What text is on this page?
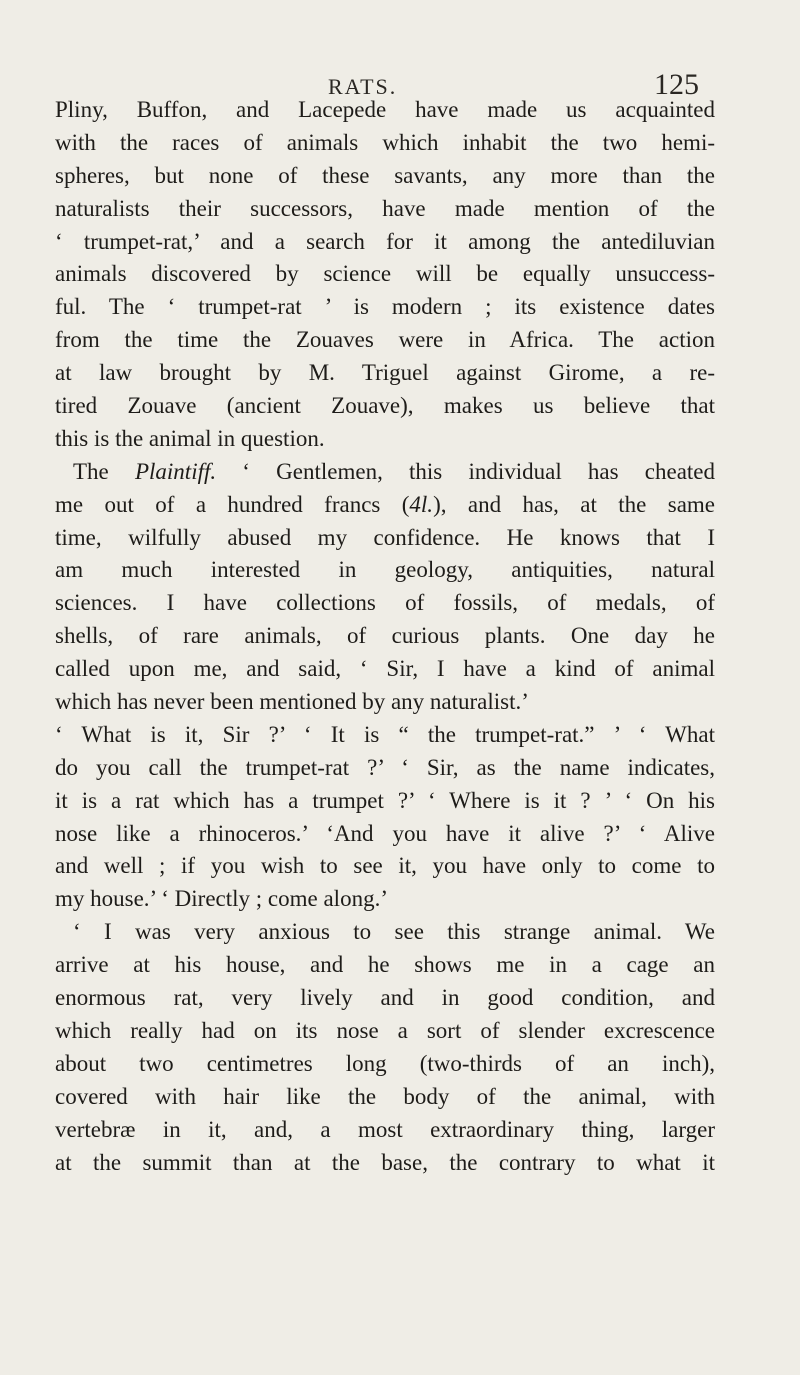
RATS.	125
Pliny, Buffon, and Lacepede have made us acquainted
with the races of animals which inhabit the two hemi-
spheres, but none of these savants, any more than the
naturalists their successors, have made mention of the
‘ trumpet-rat,’ and a search for it among the antediluvian
animals discovered by science will be equally unsuccess-
ful. The ‘ trumpet-rat ’ is modern ; its existence dates
from the time the Zouaves were in Africa. The action
at law brought by M. Triguel against Girome, a re-
tired Zouave (ancient Zouave), makes us believe that
this is the animal in question.
The Plaintiff. ‘ Gentlemen, this individual has cheated
me out of a hundred francs (4l.), and has, at the same
time, wilfully abused my confidence. He knows that I
am much interested in geology, antiquities, natural
sciences. I have collections of fossils, of medals, of
shells, of rare animals, of curious plants. One day he
called upon me, and said, ‘ Sir, I have a kind of animal
which has never been mentioned by any naturalist.’
‘ What is it, Sir ?’ ‘ It is “ the trumpet-rat.” ’ ‘ What
do you call the trumpet-rat ?’ ‘ Sir, as the name indicates,
it is a rat which has a trumpet ?’ ‘ Where is it ? ’ ‘ On his
nose like a rhinoceros.’ ‘And you have it alive ?’ ‘ Alive
and well ; if you wish to see it, you have only to come to
my house.’ ‘ Directly ; come along.’
‘ I was very anxious to see this strange animal. We
arrive at his house, and he shows me in a cage an
enormous rat, very lively and in good condition, and
which really had on its nose a sort of slender excrescence
about two centimetres long (two-thirds of an inch),
covered with hair like the body of the animal, with
vertebræ in it, and, a most extraordinary thing, larger
at the summit than at the base, the contrary to what it
